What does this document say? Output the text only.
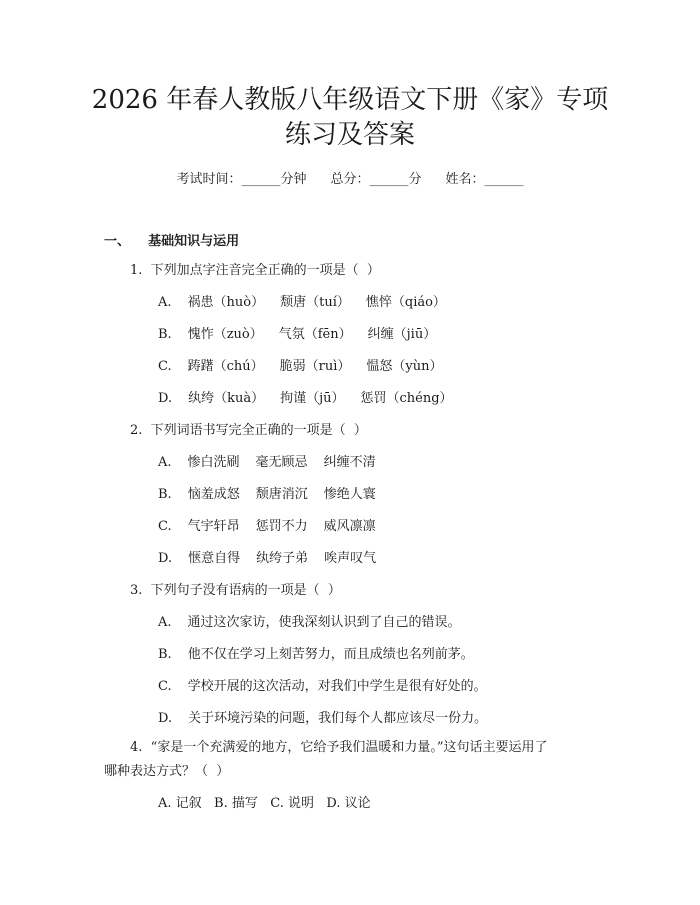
2026 年春人教版八年级语文下册《家》专项
练习及答案
考试时间：______分钟 总分：______分 姓名：______
一、    基础知识与运用
1.  下列加点字注音完全正确的一项是（  ）
A. 祸患（huò） 颓唐（tuí） 憔悴（qiáo）
B. 愧怍（zuò） 气氛（fēn） 纠缠（jiū）
C. 踌躇（chú） 脆弱（ruì） 愠怒（yùn）
D. 纨绔（kuà） 拘谨（jū） 惩罚（chéng）
2.  下列词语书写完全正确的一项是（  ）
A. 惨白洗刷 毫无顾忌 纠缠不清
B. 恼羞成怒 颓唐消沉 惨绝人寰
C. 气宇轩昂 惩罚不力 威风凛凛
D. 惬意自得 纨绔子弟 唉声叹气
3.  下列句子没有语病的一项是（  ）
A. 通过这次家访，使我深刻认识到了自己的错误。
B. 他不仅在学习上刻苦努力，而且成绩也名列前茅。
C. 学校开展的这次活动，对我们中学生是很有好处的。
D. 关于环境污染的问题，我们每个人都应该尽一份力。
4.  “家是一个充满爱的地方，它给予我们温暖和力量。”这句话主要运用了
哪种表达方式？（  ）
A. 记叙   B. 描写   C. 说明   D. 议论
